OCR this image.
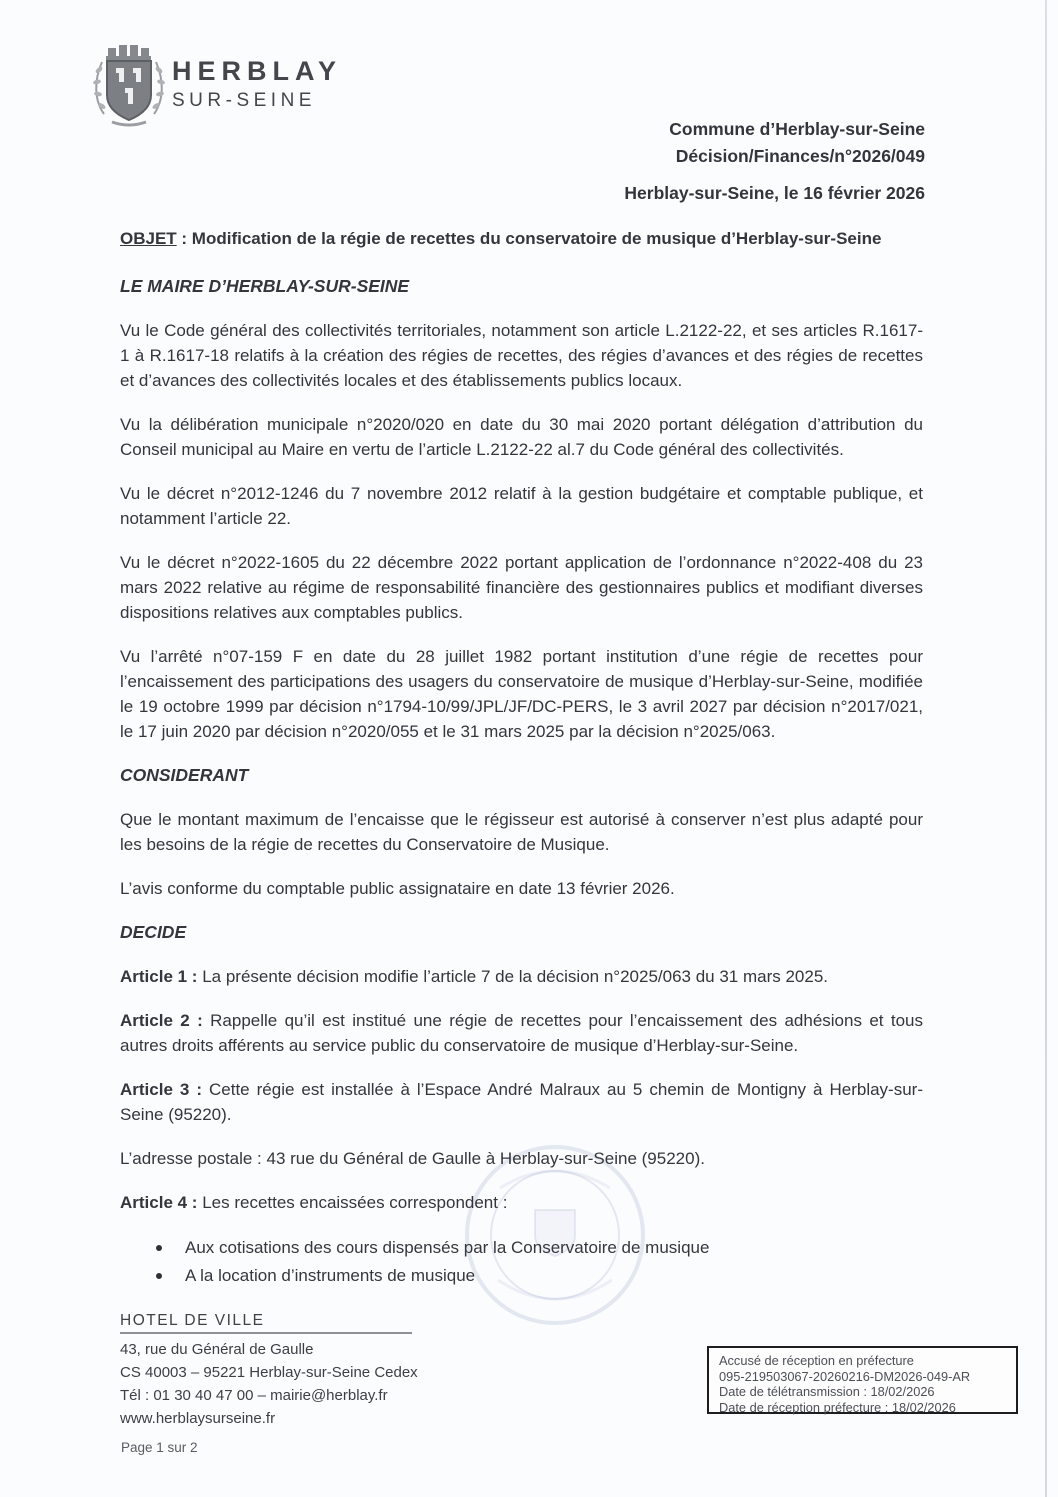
HERBLAY
SUR-SEINE
Commune d’Herblay-sur-Seine
Décision/Finances/n°2026/049
Herblay-sur-Seine, le 16 février 2026

OBJET : Modification de la régie de recettes du conservatoire de musique d’Herblay-sur-Seine

LE MAIRE D’HERBLAY-SUR-SEINE

Vu le Code général des collectivités territoriales, notamment son article L.2122-22, et ses articles R.1617-1 à R.1617-18 relatifs à la création des régies de recettes, des régies d’avances et des régies de recettes et d’avances des collectivités locales et des établissements publics locaux.

Vu la délibération municipale n°2020/020 en date du 30 mai 2020 portant délégation d’attribution du Conseil municipal au Maire en vertu de l’article L.2122-22 al.7 du Code général des collectivités.

Vu le décret n°2012-1246 du 7 novembre 2012 relatif à la gestion budgétaire et comptable publique, et notamment l’article 22.

Vu le décret n°2022-1605 du 22 décembre 2022 portant application de l’ordonnance n°2022-408 du 23 mars 2022 relative au régime de responsabilité financière des gestionnaires publics et modifiant diverses dispositions relatives aux comptables publics.

Vu l’arrêté n°07-159 F en date du 28 juillet 1982 portant institution d’une régie de recettes pour l’encaissement des participations des usagers du conservatoire de musique d’Herblay-sur-Seine, modifiée le 19 octobre 1999 par décision n°1794-10/99/JPL/JF/DC-PERS, le 3 avril 2027 par décision n°2017/021, le 17 juin 2020 par décision n°2020/055 et le 31 mars 2025 par la décision n°2025/063.

CONSIDERANT

Que le montant maximum de l’encaisse que le régisseur est autorisé à conserver n’est plus adapté pour les besoins de la régie de recettes du Conservatoire de Musique.

L’avis conforme du comptable public assignataire en date 13 février 2026.

DECIDE

Article 1 : La présente décision modifie l’article 7 de la décision n°2025/063 du 31 mars 2025.

Article 2 : Rappelle qu’il est institué une régie de recettes pour l’encaissement des adhésions et tous autres droits afférents au service public du conservatoire de musique d’Herblay-sur-Seine.

Article 3 : Cette régie est installée à l’Espace André Malraux au 5 chemin de Montigny à Herblay-sur-Seine (95220).

L’adresse postale : 43 rue du Général de Gaulle à Herblay-sur-Seine (95220).

Article 4 : Les recettes encaissées correspondent :

Aux cotisations des cours dispensés par la Conservatoire de musique
A la location d’instruments de musique
HOTEL DE VILLE
43, rue du Général de Gaulle
CS 40003 – 95221 Herblay-sur-Seine Cedex
Tél : 01 30 40 47 00 – mairie@herblay.fr
www.herblaysurseine.fr
Accusé de réception en préfecture
095-219503067-20260216-DM2026-049-AR
Date de télétransmission : 18/02/2026
Date de réception préfecture : 18/02/2026
Page 1 sur 2
